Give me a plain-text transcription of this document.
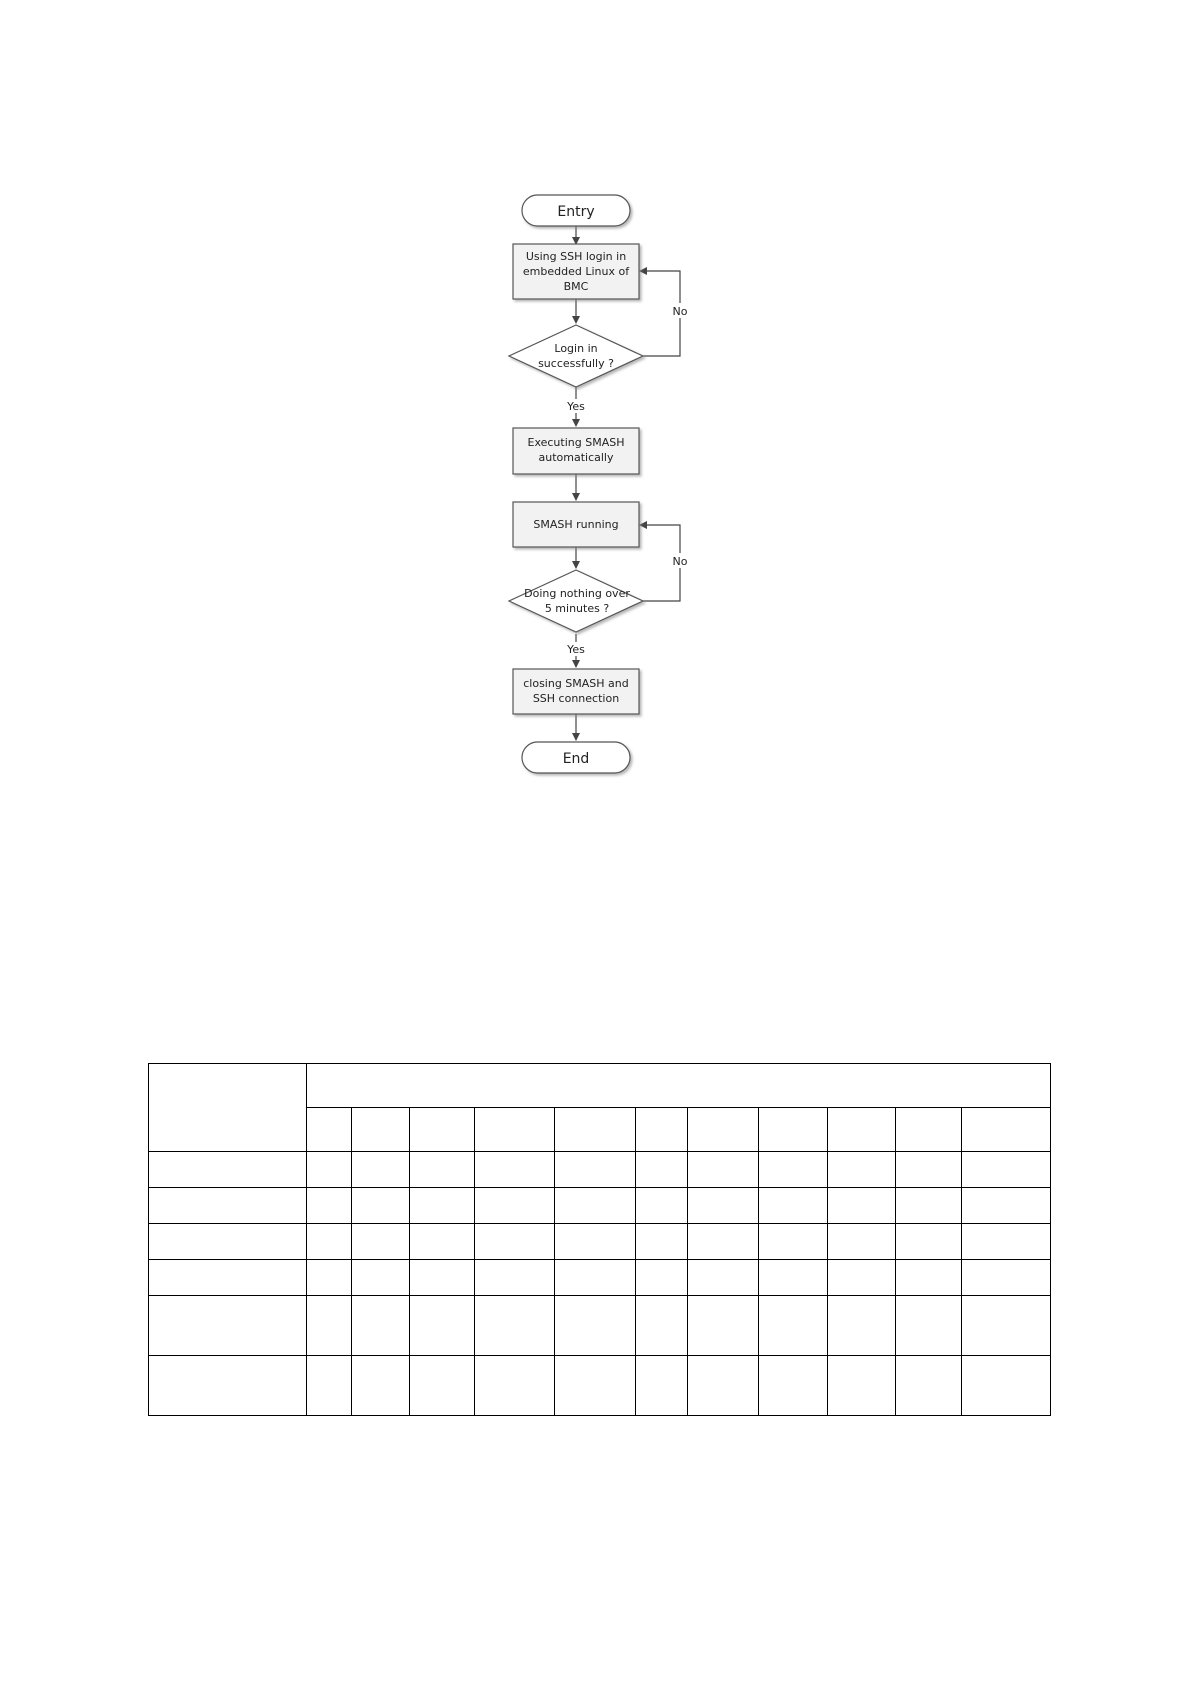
Entry
Using SSH login in
embedded Linux of
BMC
Login in
successfully ?
No
Yes
Executing SMASH
automatically
SMASH running
Doing nothing over
5 minutes ?
No
Yes
closing SMASH and
SSH connection
End
